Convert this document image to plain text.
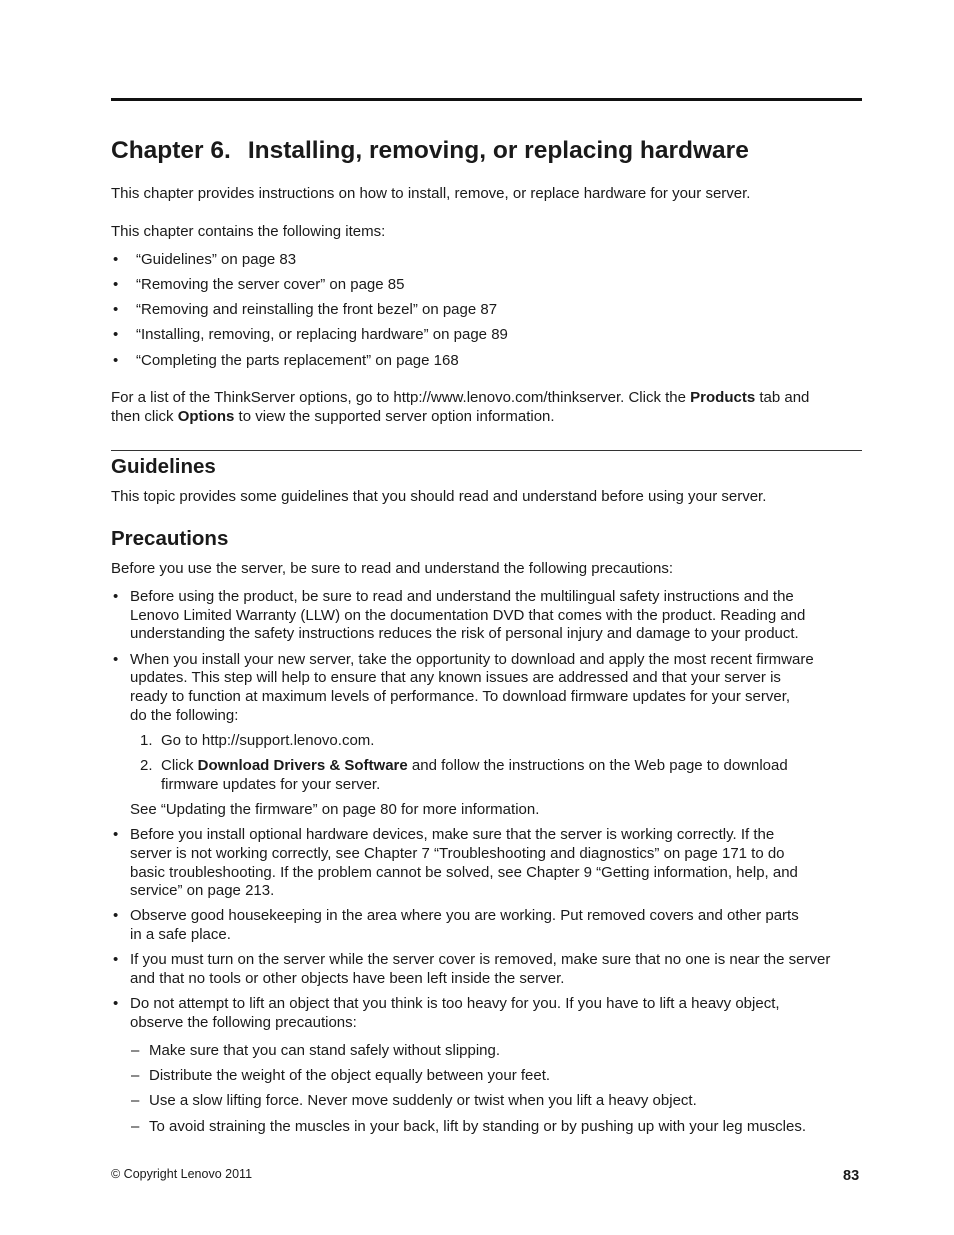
Chapter 6. Installing, removing, or replacing hardware
This chapter provides instructions on how to install, remove, or replace hardware for your server.
This chapter contains the following items:
• “Guidelines” on page 83
• “Removing the server cover” on page 85
• “Removing and reinstalling the front bezel” on page 87
• “Installing, removing, or replacing hardware” on page 89
• “Completing the parts replacement” on page 168
For a list of the ThinkServer options, go to http://www.lenovo.com/thinkserver. Click the Products tab and
then click Options to view the supported server option information.
Guidelines
This topic provides some guidelines that you should read and understand before using your server.
Precautions
Before you use the server, be sure to read and understand the following precautions:
• Before using the product, be sure to read and understand the multilingual safety instructions and the
Lenovo Limited Warranty (LLW) on the documentation DVD that comes with the product. Reading and
understanding the safety instructions reduces the risk of personal injury and damage to your product.
• When you install your new server, take the opportunity to download and apply the most recent firmware
updates. This step will help to ensure that any known issues are addressed and that your server is
ready to function at maximum levels of performance. To download firmware updates for your server,
do the following:
1. Go to http://support.lenovo.com.
2. Click Download Drivers & Software and follow the instructions on the Web page to download
firmware updates for your server.
See “Updating the firmware” on page 80 for more information.
• Before you install optional hardware devices, make sure that the server is working correctly. If the
server is not working correctly, see Chapter 7 “Troubleshooting and diagnostics” on page 171 to do
basic troubleshooting. If the problem cannot be solved, see Chapter 9 “Getting information, help, and
service” on page 213.
• Observe good housekeeping in the area where you are working. Put removed covers and other parts
in a safe place.
• If you must turn on the server while the server cover is removed, make sure that no one is near the server
and that no tools or other objects have been left inside the server.
• Do not attempt to lift an object that you think is too heavy for you. If you have to lift a heavy object,
observe the following precautions:
– Make sure that you can stand safely without slipping.
– Distribute the weight of the object equally between your feet.
– Use a slow lifting force. Never move suddenly or twist when you lift a heavy object.
– To avoid straining the muscles in your back, lift by standing or by pushing up with your leg muscles.
© Copyright Lenovo 2011	83
